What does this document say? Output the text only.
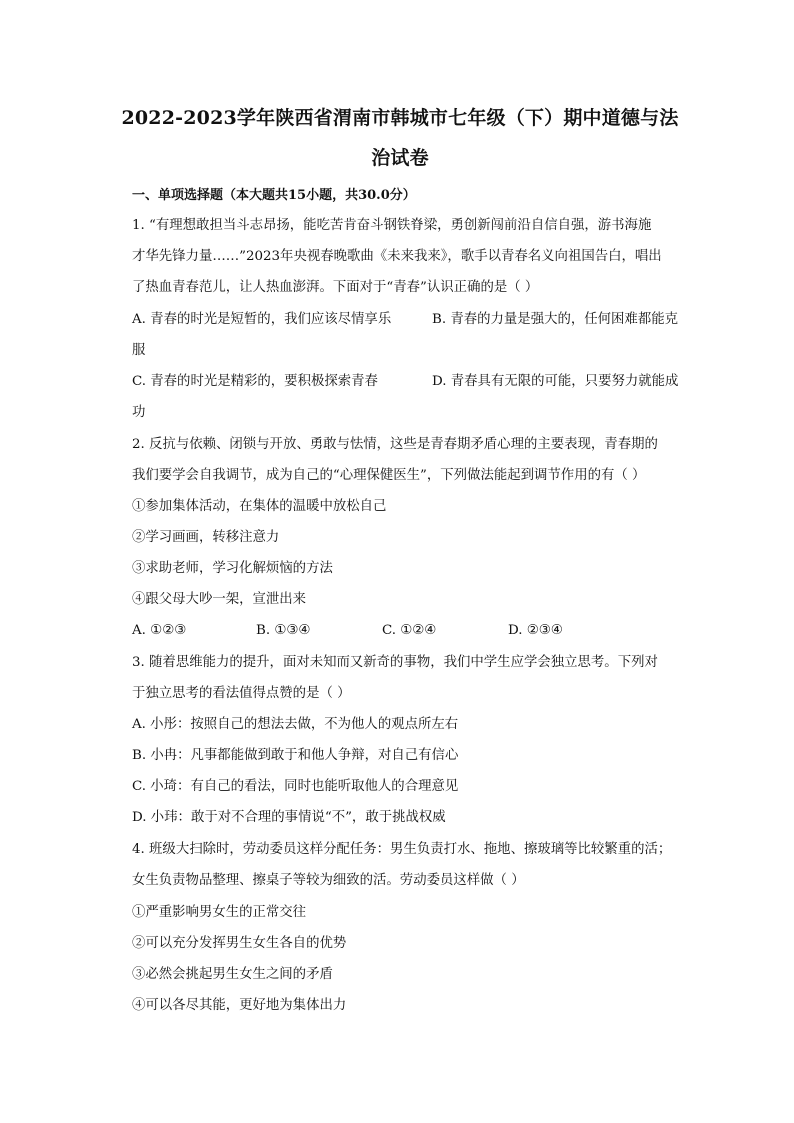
2022-2023学年陕西省渭南市韩城市七年级（下）期中道德与法
治试卷
一、单项选择题（本大题共15小题，共30.0分）
1. “有理想敢担当斗志昂扬，能吃苦肯奋斗钢铁脊梁，勇创新闯前沿自信自强，游书海施
才华先锋力量……”2023年央视春晚歌曲《未来我来》，歌手以青春名义向祖国告白，唱出
了热血青春范儿，让人热血澎湃。下面对于“青春”认识正确的是（ ）
A. 青春的时光是短暂的，我们应该尽情享乐	B. 青春的力量是强大的，任何困难都能克
服
C. 青春的时光是精彩的，要积极探索青春	D. 青春具有无限的可能，只要努力就能成
功
2. 反抗与依赖、闭锁与开放、勇敢与怯情，这些是青春期矛盾心理的主要表现，青春期的
我们要学会自我调节，成为自己的“心理保健医生”，下列做法能起到调节作用的有（ ）
①参加集体活动，在集体的温暖中放松自己
②学习画画，转移注意力
③求助老师，学习化解烦恼的方法
④跟父母大吵一架，宣泄出来
A. ①②③	B. ①③④	C. ①②④	D. ②③④
3. 随着思维能力的提升，面对未知而又新奇的事物，我们中学生应学会独立思考。下列对
于独立思考的看法值得点赞的是（ ）
A. 小彤：按照自己的想法去做，不为他人的观点所左右
B. 小冉：凡事都能做到敢于和他人争辩，对自己有信心
C. 小琦：有自己的看法，同时也能听取他人的合理意见
D. 小玮：敢于对不合理的事情说“不”，敢于挑战权威
4. 班级大扫除时，劳动委员这样分配任务：男生负责打水、拖地、擦玻璃等比较繁重的活；
女生负责物品整理、擦桌子等较为细致的活。劳动委员这样做（ ）
①严重影响男女生的正常交往
②可以充分发挥男生女生各自的优势
③必然会挑起男生女生之间的矛盾
④可以各尽其能，更好地为集体出力
